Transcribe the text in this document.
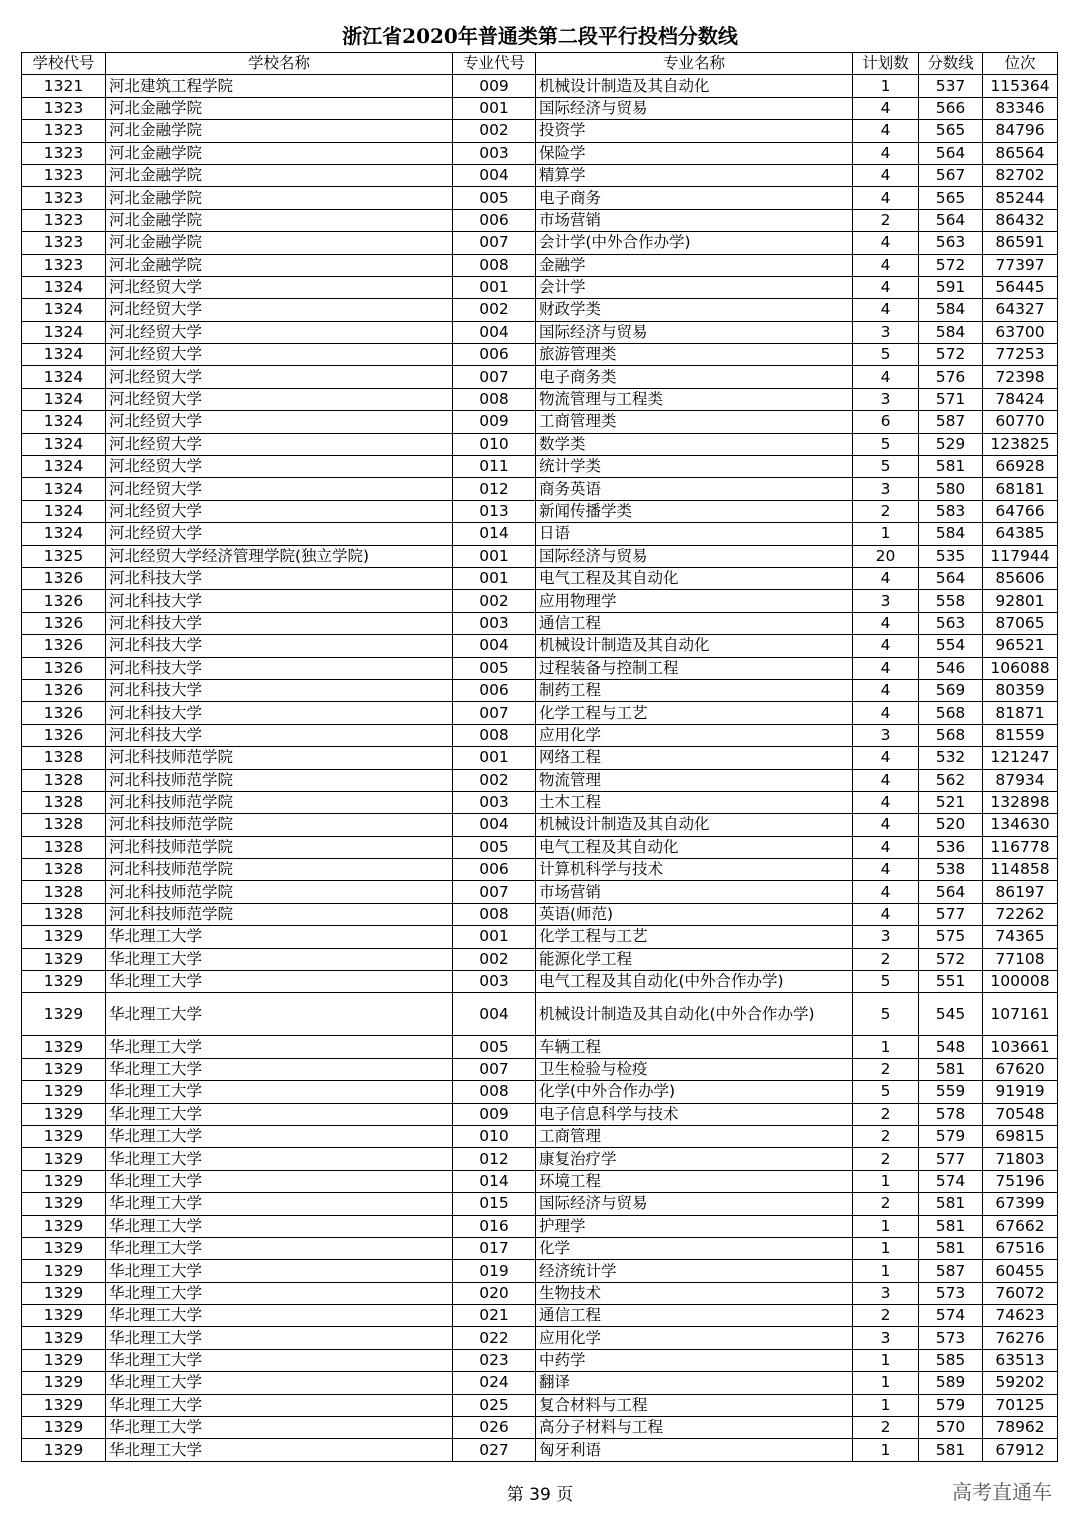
浙江省2020年普通类第二段平行投档分数线
学校代号	学校名称	专业代号	专业名称	计划数	分数线	位次
1321	河北建筑工程学院	009	机械设计制造及其自动化	1	537	115364
1323	河北金融学院	001	国际经济与贸易	4	566	83346
1323	河北金融学院	002	投资学	4	565	84796
1323	河北金融学院	003	保险学	4	564	86564
1323	河北金融学院	004	精算学	4	567	82702
1323	河北金融学院	005	电子商务	4	565	85244
1323	河北金融学院	006	市场营销	2	564	86432
1323	河北金融学院	007	会计学(中外合作办学)	4	563	86591
1323	河北金融学院	008	金融学	4	572	77397
1324	河北经贸大学	001	会计学	4	591	56445
1324	河北经贸大学	002	财政学类	4	584	64327
1324	河北经贸大学	004	国际经济与贸易	3	584	63700
1324	河北经贸大学	006	旅游管理类	5	572	77253
1324	河北经贸大学	007	电子商务类	4	576	72398
1324	河北经贸大学	008	物流管理与工程类	3	571	78424
1324	河北经贸大学	009	工商管理类	6	587	60770
1324	河北经贸大学	010	数学类	5	529	123825
1324	河北经贸大学	011	统计学类	5	581	66928
1324	河北经贸大学	012	商务英语	3	580	68181
1324	河北经贸大学	013	新闻传播学类	2	583	64766
1324	河北经贸大学	014	日语	1	584	64385
1325	河北经贸大学经济管理学院(独立学院)	001	国际经济与贸易	20	535	117944
1326	河北科技大学	001	电气工程及其自动化	4	564	85606
1326	河北科技大学	002	应用物理学	3	558	92801
1326	河北科技大学	003	通信工程	4	563	87065
1326	河北科技大学	004	机械设计制造及其自动化	4	554	96521
1326	河北科技大学	005	过程装备与控制工程	4	546	106088
1326	河北科技大学	006	制药工程	4	569	80359
1326	河北科技大学	007	化学工程与工艺	4	568	81871
1326	河北科技大学	008	应用化学	3	568	81559
1328	河北科技师范学院	001	网络工程	4	532	121247
1328	河北科技师范学院	002	物流管理	4	562	87934
1328	河北科技师范学院	003	土木工程	4	521	132898
1328	河北科技师范学院	004	机械设计制造及其自动化	4	520	134630
1328	河北科技师范学院	005	电气工程及其自动化	4	536	116778
1328	河北科技师范学院	006	计算机科学与技术	4	538	114858
1328	河北科技师范学院	007	市场营销	4	564	86197
1328	河北科技师范学院	008	英语(师范)	4	577	72262
1329	华北理工大学	001	化学工程与工艺	3	575	74365
1329	华北理工大学	002	能源化学工程	2	572	77108
1329	华北理工大学	003	电气工程及其自动化(中外合作办学)	5	551	100008
1329	华北理工大学	004	机械设计制造及其自动化(中外合作办学)	5	545	107161
1329	华北理工大学	005	车辆工程	1	548	103661
1329	华北理工大学	007	卫生检验与检疫	2	581	67620
1329	华北理工大学	008	化学(中外合作办学)	5	559	91919
1329	华北理工大学	009	电子信息科学与技术	2	578	70548
1329	华北理工大学	010	工商管理	2	579	69815
1329	华北理工大学	012	康复治疗学	2	577	71803
1329	华北理工大学	014	环境工程	1	574	75196
1329	华北理工大学	015	国际经济与贸易	2	581	67399
1329	华北理工大学	016	护理学	1	581	67662
1329	华北理工大学	017	化学	1	581	67516
1329	华北理工大学	019	经济统计学	1	587	60455
1329	华北理工大学	020	生物技术	3	573	76072
1329	华北理工大学	021	通信工程	2	574	74623
1329	华北理工大学	022	应用化学	3	573	76276
1329	华北理工大学	023	中药学	1	585	63513
1329	华北理工大学	024	翻译	1	589	59202
1329	华北理工大学	025	复合材料与工程	1	579	70125
1329	华北理工大学	026	高分子材料与工程	2	570	78962
1329	华北理工大学	027	匈牙利语	1	581	67912
第 39 页	高考直通车
